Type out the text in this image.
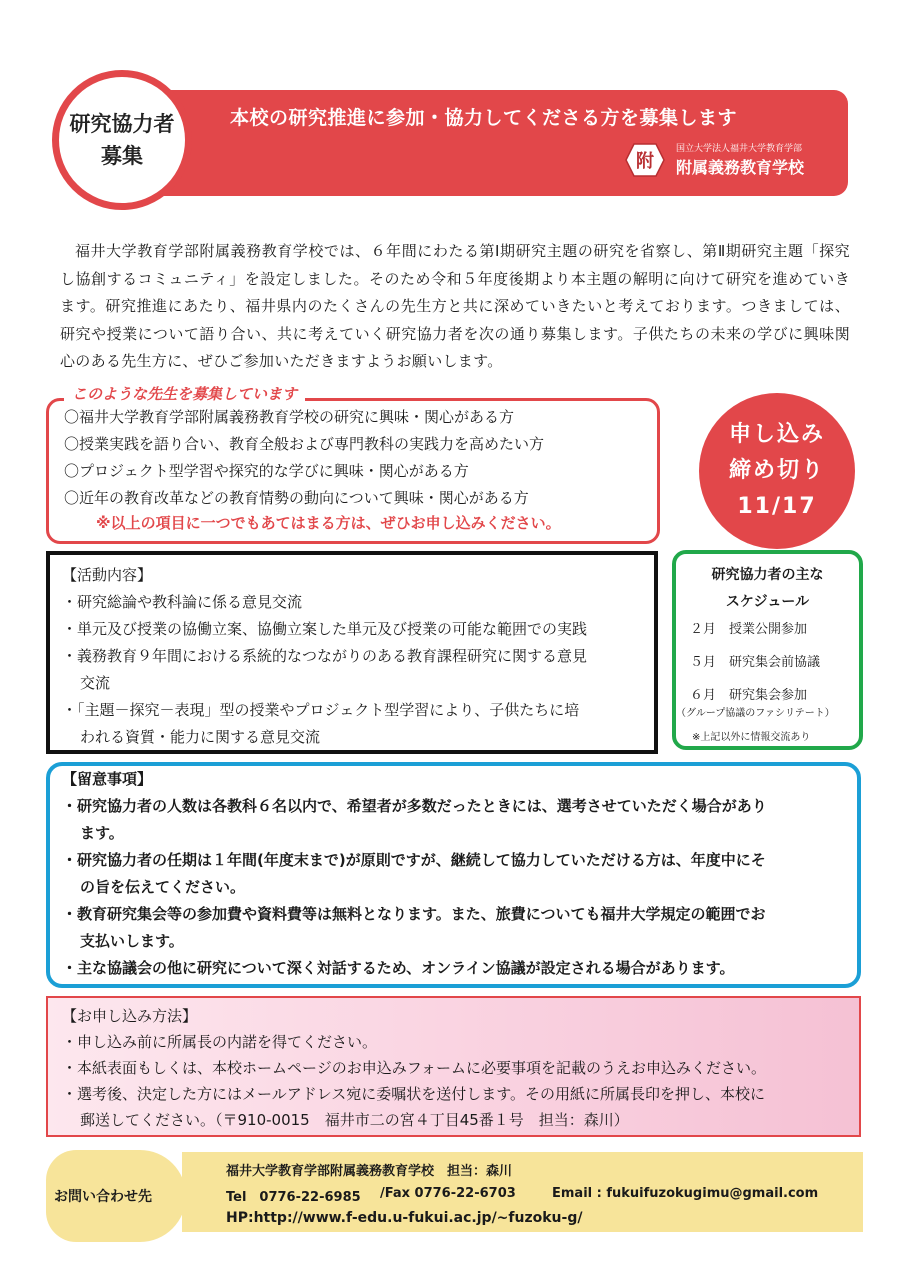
本校の研究推進に参加・協力してくださる方を募集します
研究協力者
募集	附
国立大学法人福井大学教育学部
附属義務教育学校
福井大学教育学部附属義務教育学校では、６年間にわたる第Ⅰ期研究主題の研究を省察し、第Ⅱ期研究主題「探究し協創するコミュニティ」を設定しました。そのため令和５年度後期より本主題の解明に向けて研究を進めていきます。研究推進にあたり、福井県内のたくさんの先生方と共に深めていきたいと考えております。つきましては、研究や授業について語り合い、共に考えていく研究協力者を次の通り募集します。子供たちの未来の学びに興味関心のある先生方に、ぜひご参加いただきますようお願いします。
このような先生を募集しています
〇福井大学教育学部附属義務教育学校の研究に興味・関心がある方
〇授業実践を語り合い、教育全般および専門教科の実践力を高めたい方
〇プロジェクト型学習や探究的な学びに興味・関心がある方
〇近年の教育改革などの教育情勢の動向について興味・関心がある方
※以上の項目に一つでもあてはまる方は、ぜひお申し込みください。
申し込み
締め切り
11/17
【活動内容】
・研究総論や教科論に係る意見交流
・単元及び授業の協働立案、協働立案した単元及び授業の可能な範囲での実践
・義務教育９年間における系統的なつながりのある教育課程研究に関する意見
交流
・「主題－探究－表現」型の授業やプロジェクト型学習により、子供たちに培
われる資質・能力に関する意見交流
研究協力者の主な
スケジュール
２月　授業公開参加
５月　研究集会前協議
６月　研究集会参加
（グループ協議のファシリテート）
※上記以外に情報交流あり
【留意事項】
・研究協力者の人数は各教科６名以内で、希望者が多数だったときには、選考させていただく場合があり
ます。
・研究協力者の任期は１年間(年度末まで)が原則ですが、継続して協力していただける方は、年度中にそ
の旨を伝えてください。
・教育研究集会等の参加費や資料費等は無料となります。また、旅費についても福井大学規定の範囲でお
支払いします。
・主な協議会の他に研究について深く対話するため、オンライン協議が設定される場合があります。
【お申し込み方法】
・申し込み前に所属長の内諾を得てください。
・本紙表面もしくは、本校ホームページのお申込みフォームに必要事項を記載のうえお申込みください。
・選考後、決定した方にはメールアドレス宛に委嘱状を送付します。その用紙に所属長印を押し、本校に
郵送してください。（〒910-0015　福井市二の宮４丁目45番１号　担当：森川）
お問い合わせ先
福井大学教育学部附属義務教育学校　担当：森川
Tel　0776-22-6985 /Fax 0776-22-6703	Email : fukuifuzokugimu@gmail.com
HP:http://www.f-edu.u-fukui.ac.jp/~fuzoku-g/
